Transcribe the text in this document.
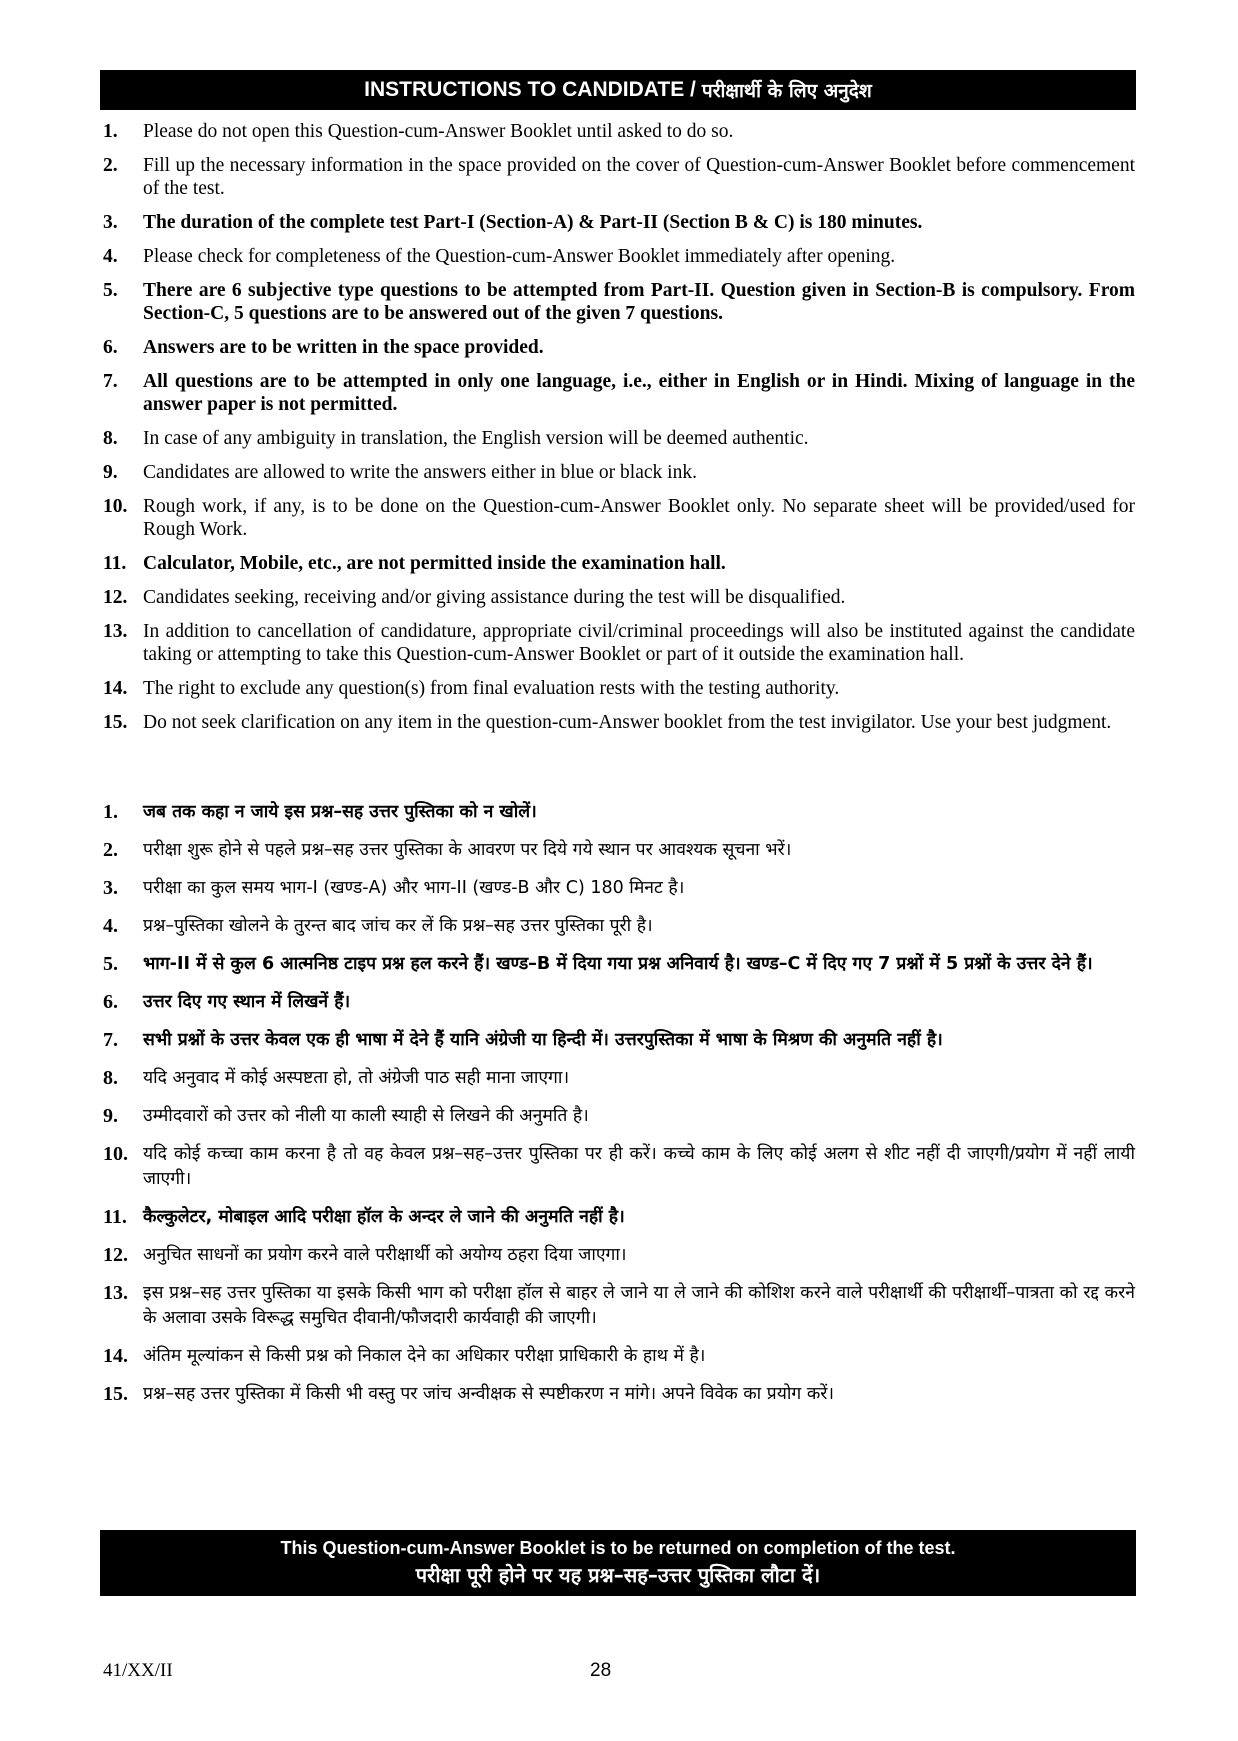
INSTRUCTIONS TO CANDIDATE / परीक्षार्थी के लिए अनुदेश
1.	Please do not open this Question-cum-Answer Booklet until asked to do so.
2.	Fill up the necessary information in the space provided on the cover of Question-cum-Answer Booklet before commencement of the test.
3.	The duration of the complete test Part-I (Section-A) & Part-II (Section B & C) is 180 minutes.
4.	Please check for completeness of the Question-cum-Answer Booklet immediately after opening.
5.	There are 6 subjective type questions to be attempted from Part-II. Question given in Section-B is compulsory. From Section-C, 5 questions are to be answered out of the given 7 questions.
6.	Answers are to be written in the space provided.
7.	All questions are to be attempted in only one language, i.e., either in English or in Hindi. Mixing of language in the answer paper is not permitted.
8.	In case of any ambiguity in translation, the English version will be deemed authentic.
9.	Candidates are allowed to write the answers either in blue or black ink.
10. Rough work, if any, is to be done on the Question-cum-Answer Booklet only. No separate sheet will be provided/used for Rough Work.
11. Calculator, Mobile, etc., are not permitted inside the examination hall.
12. Candidates seeking, receiving and/or giving assistance during the test will be disqualified.
13. In addition to cancellation of candidature, appropriate civil/criminal proceedings will also be instituted against the candidate taking or attempting to take this Question-cum-Answer Booklet or part of it outside the examination hall.
14. The right to exclude any question(s) from final evaluation rests with the testing authority.
15. Do not seek clarification on any item in the question-cum-Answer booklet from the test invigilator. Use your best judgment.
1.	जब तक कहा न जाये इस प्रश्न–सह उत्तर पुस्तिका को न खोलें।
2.	परीक्षा शुरू होने से पहले प्रश्न–सह उत्तर पुस्तिका के आवरण पर दिये गये स्थान पर आवश्यक सूचना भरें।
3.	परीक्षा का कुल समय भाग-I (खण्ड-A) और भाग-II (खण्ड-B और C) 180 मिनट है।
4.	प्रश्न–पुस्तिका खोलने के तुरन्त बाद जांच कर लें कि प्रश्न–सह उत्तर पुस्तिका पूरी है।
5.	भाग-II में से कुल 6 आत्मनिष्ठ टाइप प्रश्न हल करने हैं। खण्ड–B में दिया गया प्रश्न अनिवार्य है। खण्ड–C में दिए गए 7 प्रश्नों में 5 प्रश्नों के उत्तर देने हैं।
6.	उत्तर दिए गए स्थान में लिखनें हैं।
7.	सभी प्रश्नों के उत्तर केवल एक ही भाषा में देने हैं यानि अंग्रेजी या हिन्दी में। उत्तरपुस्तिका में भाषा के मिश्रण की अनुमति नहीं है।
8.	यदि अनुवाद में कोई अस्पष्टता हो, तो अंग्रेजी पाठ सही माना जाएगा।
9.	उम्मीदवारों को उत्तर को नीली या काली स्याही से लिखने की अनुमति है।
10. यदि कोई कच्चा काम करना है तो वह केवल प्रश्न–सह–उत्तर पुस्तिका पर ही करें। कच्चे काम के लिए कोई अलग से शीट नहीं दी जाएगी/प्रयोग में नहीं लायी जाएगी।
11. कैल्कुलेटर, मोबाइल आदि परीक्षा हॉल के अन्दर ले जाने की अनुमति नहीं है।
12. अनुचित साधनों का प्रयोग करने वाले परीक्षार्थी को अयोग्य ठहरा दिया जाएगा।
13. इस प्रश्न–सह उत्तर पुस्तिका या इसके किसी भाग को परीक्षा हॉल से बाहर ले जाने या ले जाने की कोशिश करने वाले परीक्षार्थी की परीक्षार्थी–पात्रता को रद्द करने के अलावा उसके विरूद्ध समुचित दीवानी/फौजदारी कार्यवाही की जाएगी।
14. अंतिम मूल्यांकन से किसी प्रश्न को निकाल देने का अधिकार परीक्षा प्राधिकारी के हाथ में है।
15. प्रश्न–सह उत्तर पुस्तिका में किसी भी वस्तु पर जांच अन्वीक्षक से स्पष्टीकरण न मांगे। अपने विवेक का प्रयोग करें।
This Question-cum-Answer Booklet is to be returned on completion of the test.
परीक्षा पूरी होने पर यह प्रश्न–सह–उत्तर पुस्तिका लौटा दें।
41/XX/II	28
